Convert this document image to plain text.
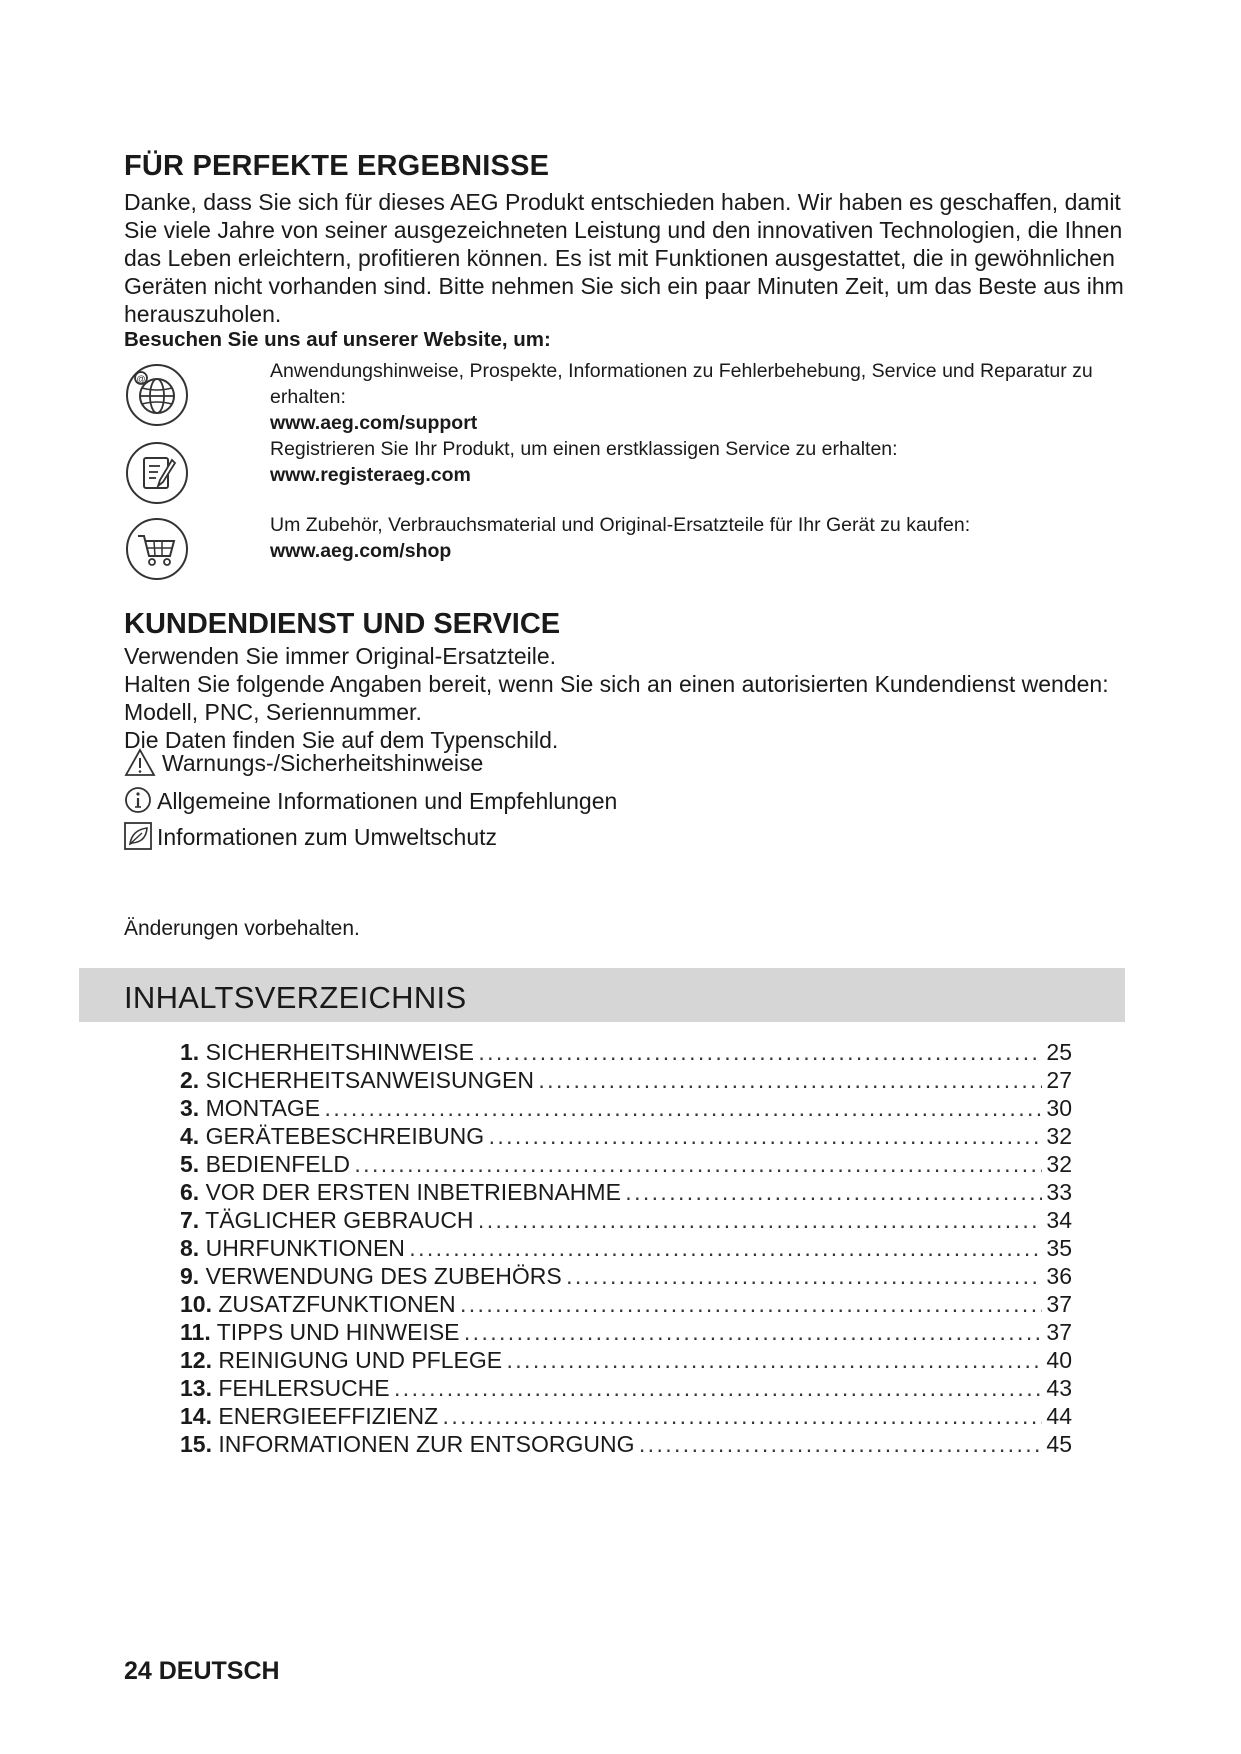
FÜR PERFEKTE ERGEBNISSE

Danke, dass Sie sich für dieses AEG Produkt entschieden haben. Wir haben es geschaffen, damit Sie viele Jahre von seiner ausgezeichneten Leistung und den innovativen Technologien, die Ihnen das Leben erleichtern, profitieren können. Es ist mit Funktionen ausgestattet, die in gewöhnlichen Geräten nicht vorhanden sind. Bitte nehmen Sie sich ein paar Minuten Zeit, um das Beste aus ihm herauszuholen.

Besuchen Sie uns auf unserer Website, um:

@	Anwendungshinweise, Prospekte, Informationen zu Fehlerbehebung, Service und Reparatur zu erhalten:
www.aeg.com/support
Registrieren Sie Ihr Produkt, um einen erstklassigen Service zu erhalten:
www.registeraeg.com
Um Zubehör, Verbrauchsmaterial und Original-Ersatzteile für Ihr Gerät zu kaufen:
www.aeg.com/shop
KUNDENDIENST UND SERVICE
Verwenden Sie immer Original-Ersatzteile.
Halten Sie folgende Angaben bereit, wenn Sie sich an einen autorisierten Kundendienst wenden: Modell, PNC, Seriennummer.
Die Daten finden Sie auf dem Typenschild.
Warnungs-/Sicherheitshinweise
Allgemeine Informationen und Empfehlungen
Informationen zum Umweltschutz

Änderungen vorbehalten.

INHALTSVERZEICHNIS
1. SICHERHEITSHINWEISE . . .	25
2. SICHERHEITSANWEISUNGEN . . .	27
3. MONTAGE . . .	30
4. GERÄTEBESCHREIBUNG . . .	32
5. BEDIENFELD . . .	32
6. VOR DER ERSTEN INBETRIEBNAHME . . .	33
7. TÄGLICHER GEBRAUCH . . .	34
8. UHRFUNKTIONEN . . .	35
9. VERWENDUNG DES ZUBEHÖRS . . .	36
10. ZUSATZFUNKTIONEN . . .	37
11. TIPPS UND HINWEISE . . .	37
12. REINIGUNG UND PFLEGE . . .	40
13. FEHLERSUCHE . . .	43
14. ENERGIEEFFIZIENZ . . .	44
15. INFORMATIONEN ZUR ENTSORGUNG . . .	45

24 DEUTSCH
